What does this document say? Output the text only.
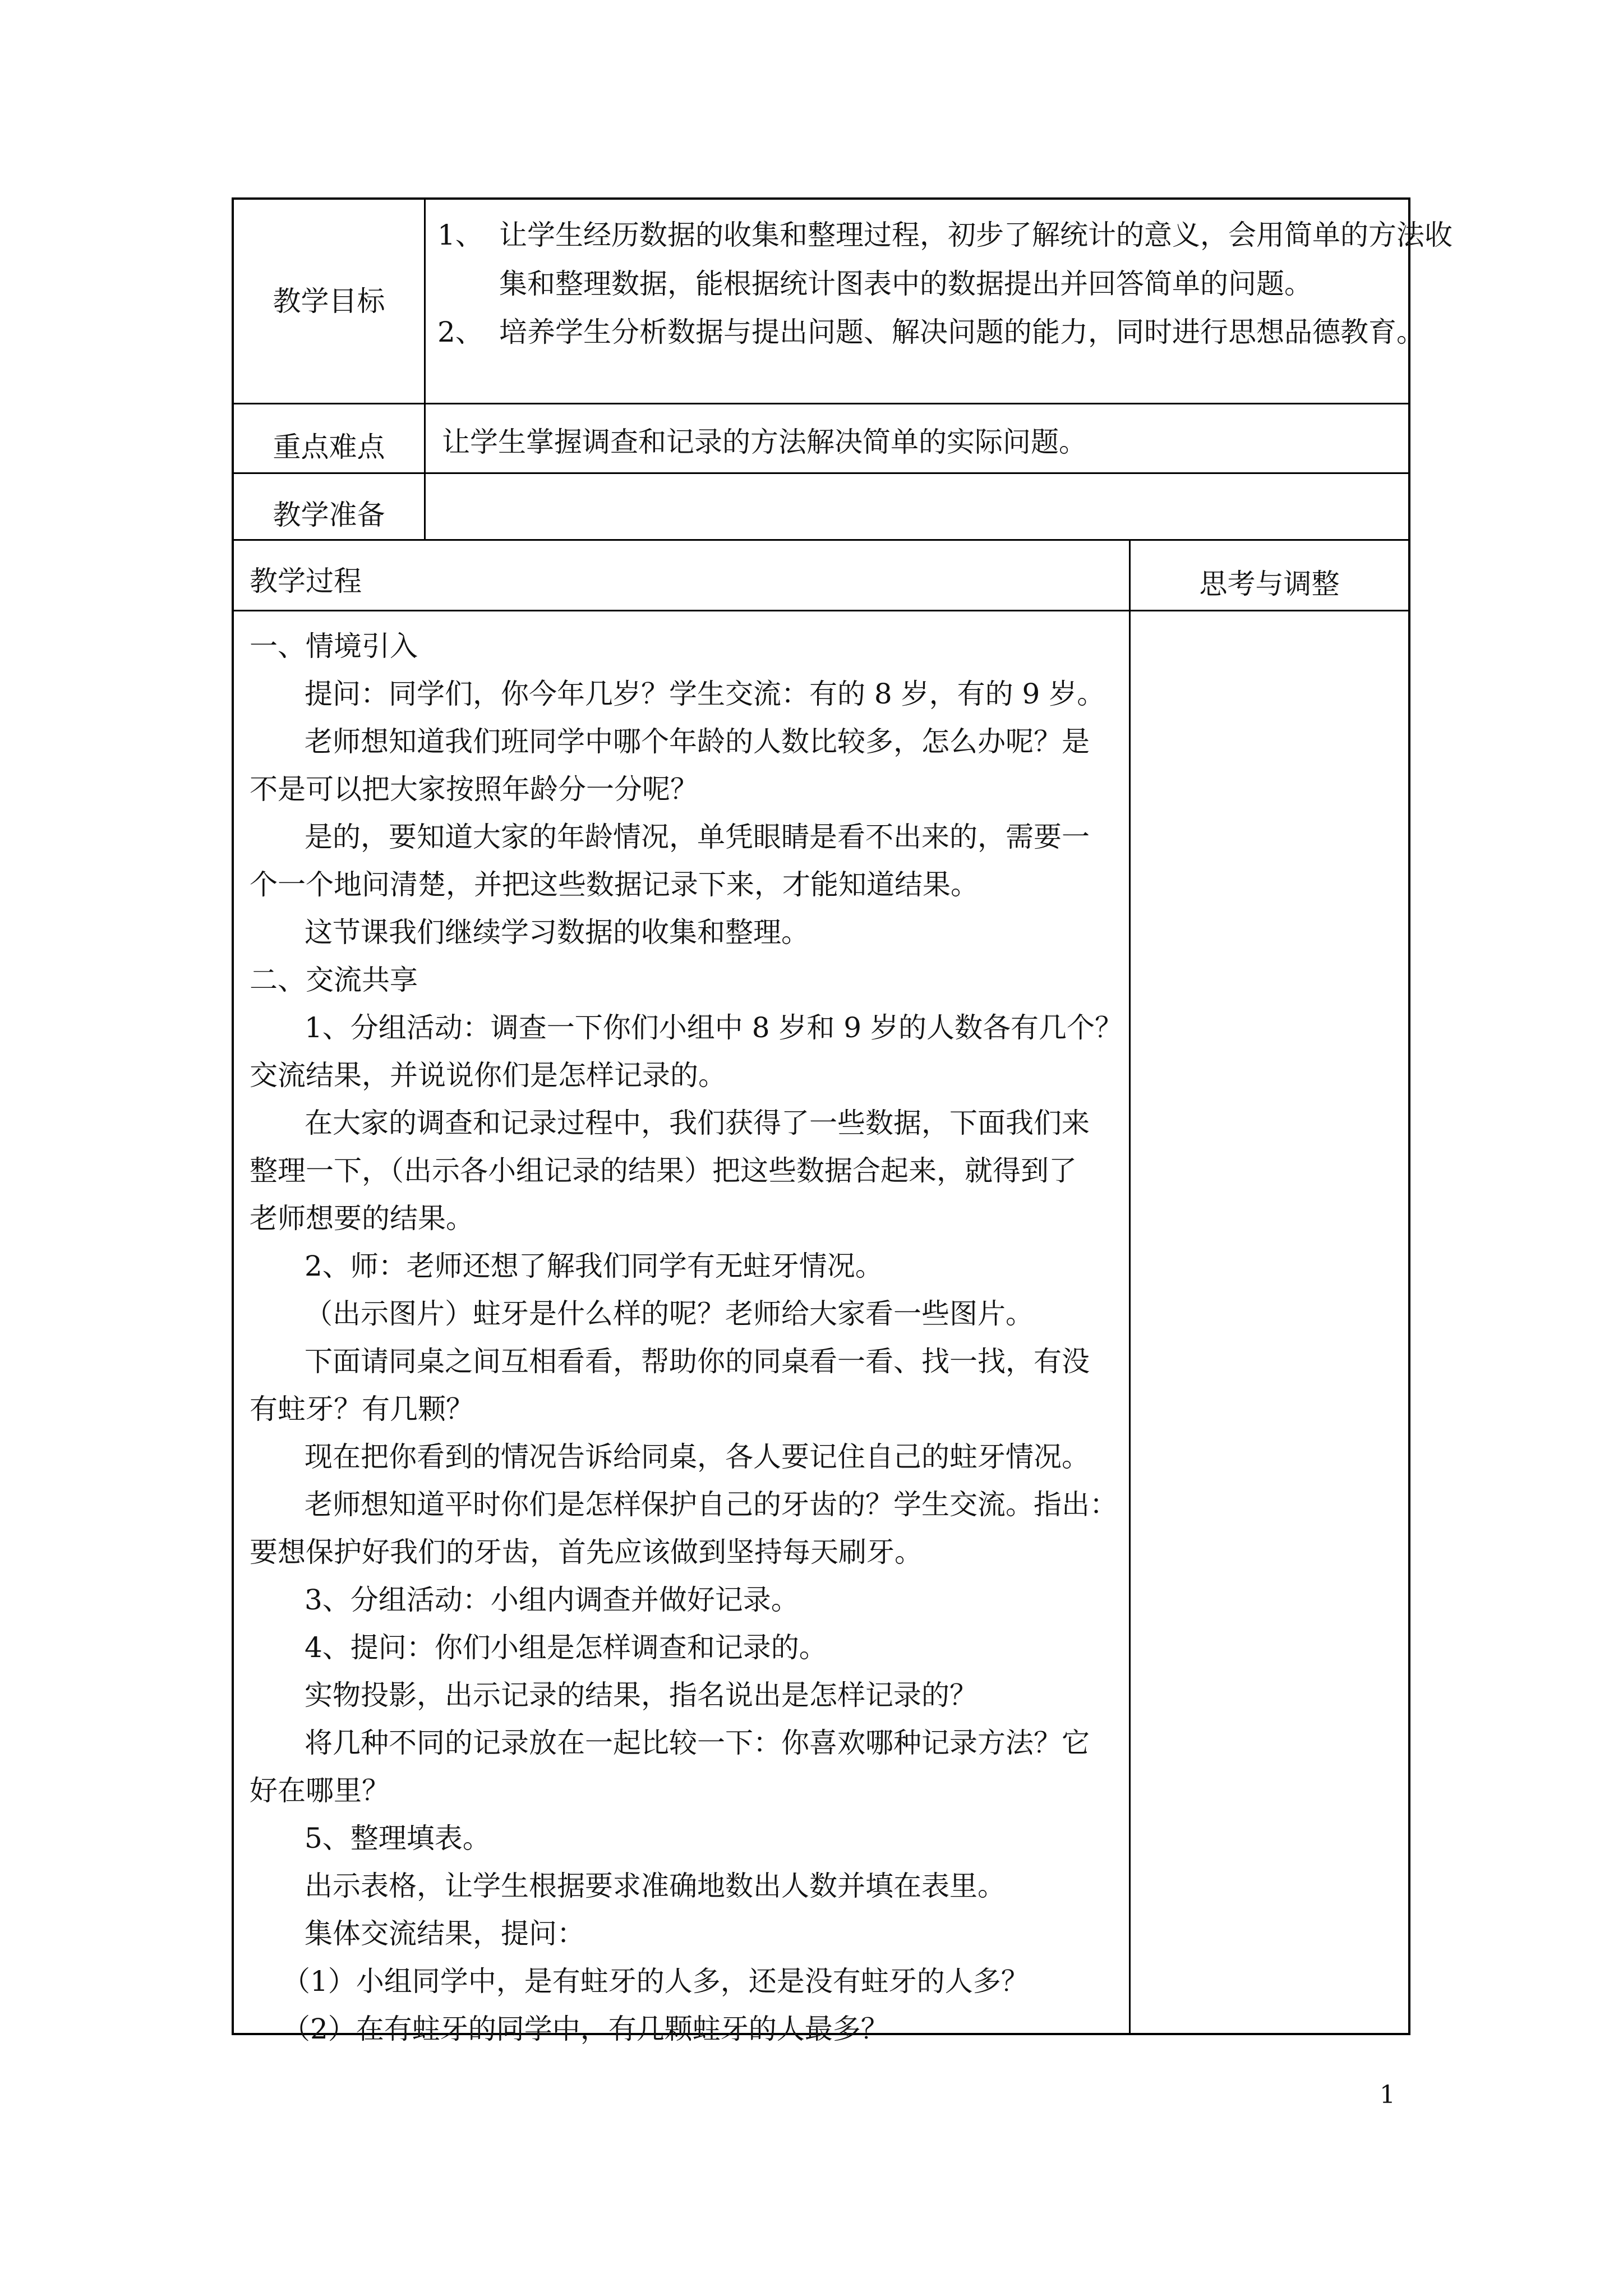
教学目标
1、 让学生经历数据的收集和整理过程，初步了解统计的意义，会用简单的方法收集和整理数据，能根据统计图表中的数据提出并回答简单的问题。
2、 培养学生分析数据与提出问题、解决问题的能力，同时进行思想品德教育。
重点难点	让学生掌握调查和记录的方法解决简单的实际问题。
教学准备
教学过程	思考与调整
一、情境引入
提问：同学们，你今年几岁？学生交流：有的 8 岁，有的 9 岁。
老师想知道我们班同学中哪个年龄的人数比较多，怎么办呢？是
不是可以把大家按照年龄分一分呢？
是的，要知道大家的年龄情况，单凭眼睛是看不出来的，需要一
个一个地问清楚，并把这些数据记录下来，才能知道结果。
这节课我们继续学习数据的收集和整理。
二、交流共享
1、分组活动：调查一下你们小组中 8 岁和 9 岁的人数各有几个？
交流结果，并说说你们是怎样记录的。
在大家的调查和记录过程中，我们获得了一些数据，下面我们来
整理一下，（出示各小组记录的结果）把这些数据合起来，就得到了
老师想要的结果。
2、师：老师还想了解我们同学有无蛀牙情况。
（出示图片）蛀牙是什么样的呢？老师给大家看一些图片。
下面请同桌之间互相看看，帮助你的同桌看一看、找一找，有没
有蛀牙？有几颗？
现在把你看到的情况告诉给同桌，各人要记住自己的蛀牙情况。
老师想知道平时你们是怎样保护自己的牙齿的？学生交流。指出：
要想保护好我们的牙齿，首先应该做到坚持每天刷牙。
3、分组活动：小组内调查并做好记录。
4、提问：你们小组是怎样调查和记录的。
实物投影，出示记录的结果，指名说出是怎样记录的？
将几种不同的记录放在一起比较一下：你喜欢哪种记录方法？它
好在哪里？
5、整理填表。
出示表格，让学生根据要求准确地数出人数并填在表里。
集体交流结果，提问：
（1）小组同学中，是有蛀牙的人多，还是没有蛀牙的人多？
（2）在有蛀牙的同学中，有几颗蛀牙的人最多？
1
